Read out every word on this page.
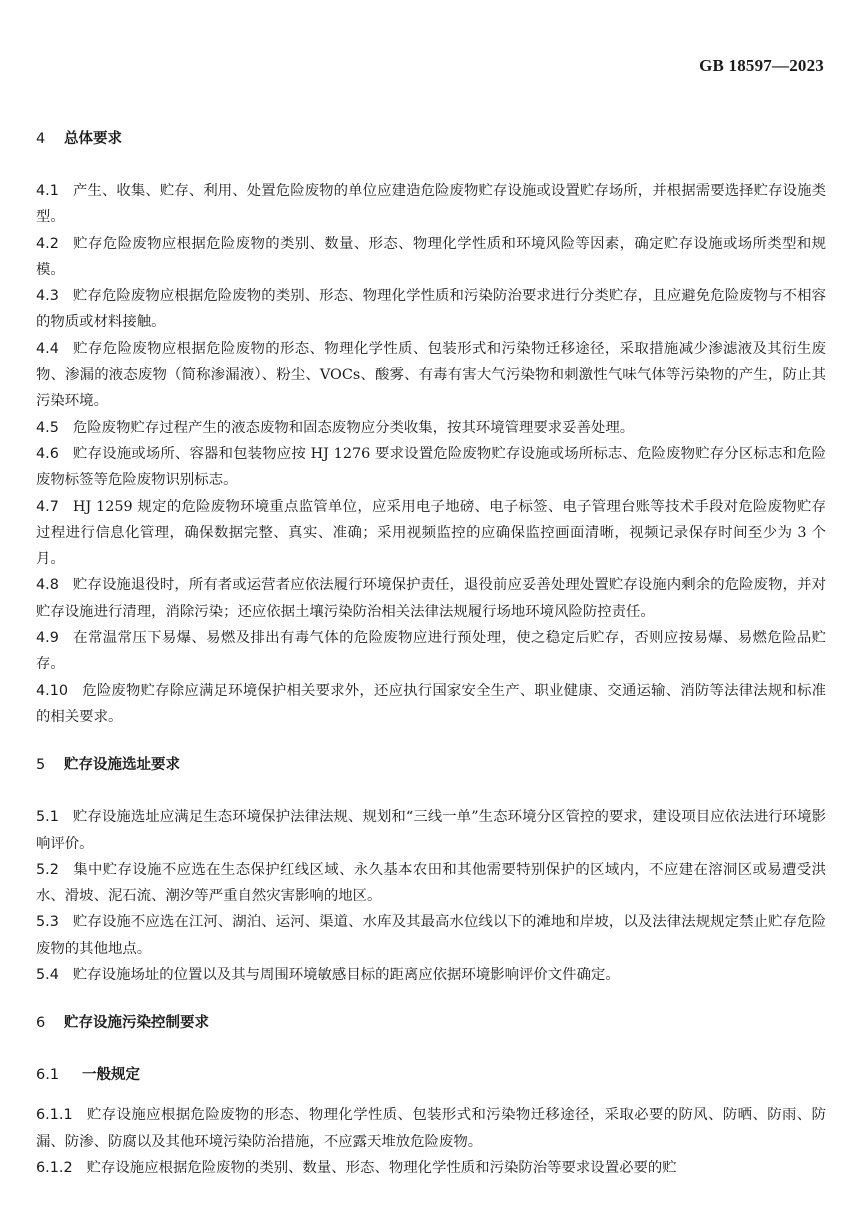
GB 18597—2023
4 总体要求

4.1 产生、收集、贮存、利用、处置危险废物的单位应建造危险废物贮存设施或设置贮存场所，并根据需要选择贮存设施类型。

4.2 贮存危险废物应根据危险废物的类别、数量、形态、物理化学性质和环境风险等因素，确定贮存设施或场所类型和规模。

4.3 贮存危险废物应根据危险废物的类别、形态、物理化学性质和污染防治要求进行分类贮存，且应避免危险废物与不相容的物质或材料接触。

4.4 贮存危险废物应根据危险废物的形态、物理化学性质、包装形式和污染物迁移途径，采取措施减少渗滤液及其衍生废物、渗漏的液态废物（简称渗漏液）、粉尘、VOCs、酸雾、有毒有害大气污染物和刺激性气味气体等污染物的产生，防止其污染环境。

4.5 危险废物贮存过程产生的液态废物和固态废物应分类收集，按其环境管理要求妥善处理。

4.6 贮存设施或场所、容器和包装物应按 HJ 1276 要求设置危险废物贮存设施或场所标志、危险废物贮存分区标志和危险废物标签等危险废物识别标志。

4.7 HJ 1259 规定的危险废物环境重点监管单位，应采用电子地磅、电子标签、电子管理台账等技术手段对危险废物贮存过程进行信息化管理，确保数据完整、真实、准确；采用视频监控的应确保监控画面清晰，视频记录保存时间至少为 3 个月。

4.8 贮存设施退役时，所有者或运营者应依法履行环境保护责任，退役前应妥善处理处置贮存设施内剩余的危险废物，并对贮存设施进行清理，消除污染；还应依据土壤污染防治相关法律法规履行场地环境风险防控责任。

4.9 在常温常压下易爆、易燃及排出有毒气体的危险废物应进行预处理，使之稳定后贮存，否则应按易爆、易燃危险品贮存。

4.10 危险废物贮存除应满足环境保护相关要求外，还应执行国家安全生产、职业健康、交通运输、消防等法律法规和标准的相关要求。

5 贮存设施选址要求

5.1 贮存设施选址应满足生态环境保护法律法规、规划和“三线一单”生态环境分区管控的要求，建设项目应依法进行环境影响评价。

5.2 集中贮存设施不应选在生态保护红线区域、永久基本农田和其他需要特别保护的区域内，不应建在溶洞区或易遭受洪水、滑坡、泥石流、潮汐等严重自然灾害影响的地区。

5.3 贮存设施不应选在江河、湖泊、运河、渠道、水库及其最高水位线以下的滩地和岸坡，以及法律法规规定禁止贮存危险废物的其他地点。

5.4 贮存设施场址的位置以及其与周围环境敏感目标的距离应依据环境影响评价文件确定。

6 贮存设施污染控制要求
6.1 一般规定

6.1.1 贮存设施应根据危险废物的形态、物理化学性质、包装形式和污染物迁移途径，采取必要的防风、防晒、防雨、防漏、防渗、防腐以及其他环境污染防治措施，不应露天堆放危险废物。

6.1.2 贮存设施应根据危险废物的类别、数量、形态、物理化学性质和污染防治等要求设置必要的贮
